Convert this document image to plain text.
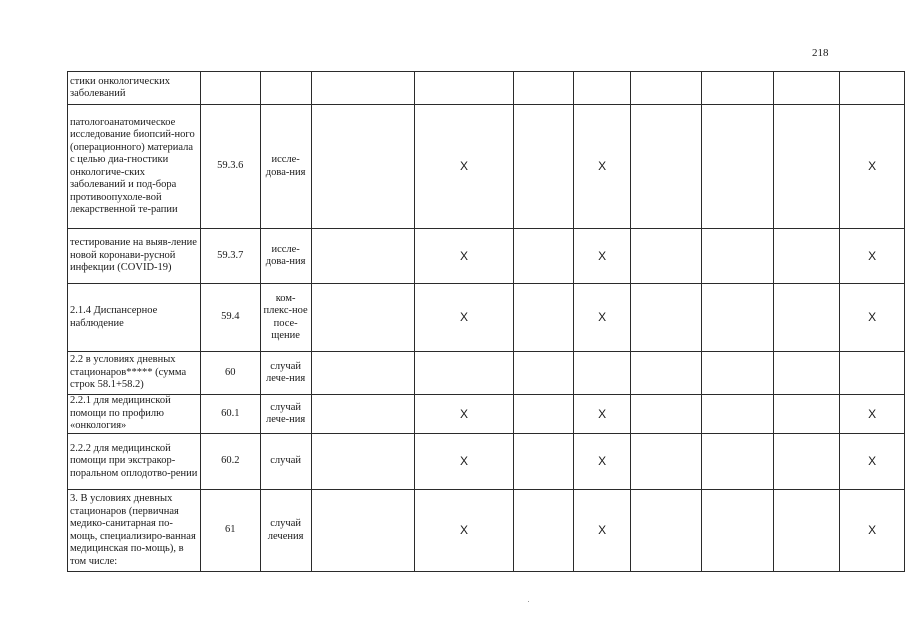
218
стики онкологических заболеваний										
патологоанатомическое исследование биопсий-ного (операционного) материала с целью диа-гностики онкологиче-ских заболеваний и под-бора противоопухоле-вой лекарственной те-рапии	59.3.6	иссле-дова-ния		X		X				X
тестирование на выяв-ление новой коронави-русной инфекции (COVID-19)	59.3.7	иссле-дова-ния		X		X				X
2.1.4 Диспансерное наблюдение	59.4	ком-плекс-ное посе-щение		X		X				X
2.2 в условиях дневных стационаров***** (сумма строк 58.1+58.2)	60	случай лече-ния								
2.2.1 для медицинской помощи по профилю «онкология»	60.1	случай лече-ния		X		X				X
2.2.2 для медицинской помощи при экстракор-поральном оплодотво-рении	60.2	случай		X		X				X
3. В условиях дневных стационаров (первичная медико-санитарная по-мощь, специализиро-ванная медицинская по-мощь), в том числе:	61	случай лечения		X		X				X
